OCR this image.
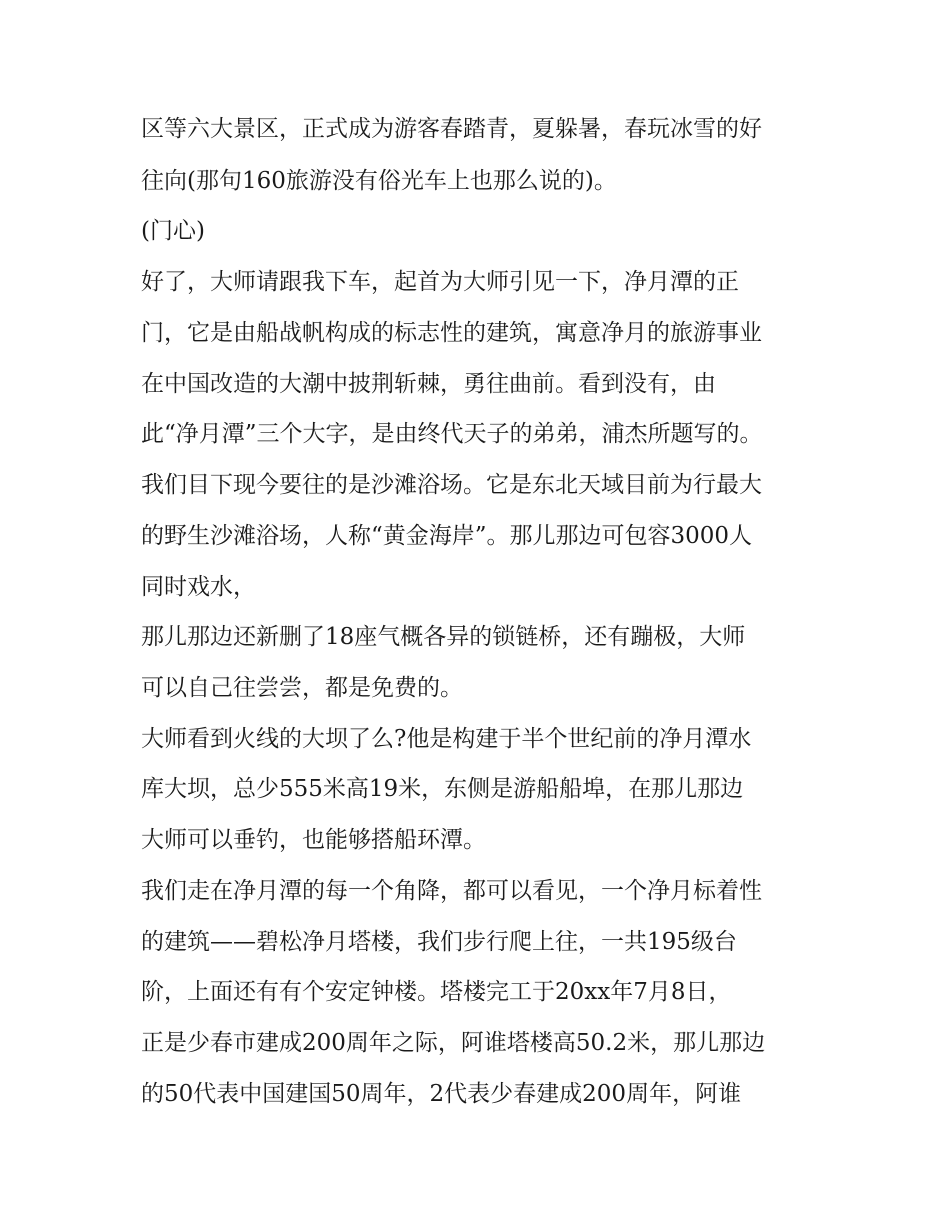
区等六大景区，正式成为游客春踏青，夏躲暑，春玩冰雪的好
往向(那句160旅游没有俗光车上也那么说的)。
(门心)
好了，大师请跟我下车，起首为大师引见一下，净月潭的正
门，它是由船战帆构成的标志性的建筑，寓意净月的旅游事业
在中国改造的大潮中披荆斩棘，勇往曲前。看到没有，由
此“净月潭”三个大字，是由终代天子的弟弟，浦杰所题写的。
我们目下现今要往的是沙滩浴场。它是东北天域目前为行最大
的野生沙滩浴场，人称“黄金海岸”。那儿那边可包容3000人
同时戏水，
那儿那边还新删了18座气概各异的锁链桥，还有蹦极，大师
可以自己往尝尝，都是免费的。
大师看到火线的大坝了么?他是构建于半个世纪前的净月潭水
库大坝，总少555米高19米，东侧是游船船埠，在那儿那边
大师可以垂钓，也能够搭船环潭。
我们走在净月潭的每一个角降，都可以看见，一个净月标着性
的建筑——碧松净月塔楼，我们步行爬上往，一共195级台
阶，上面还有有个安定钟楼。塔楼完工于20xx年7月8日，
正是少春市建成200周年之际，阿谁塔楼高50.2米，那儿那边
的50代表中国建国50周年，2代表少春建成200周年，阿谁
